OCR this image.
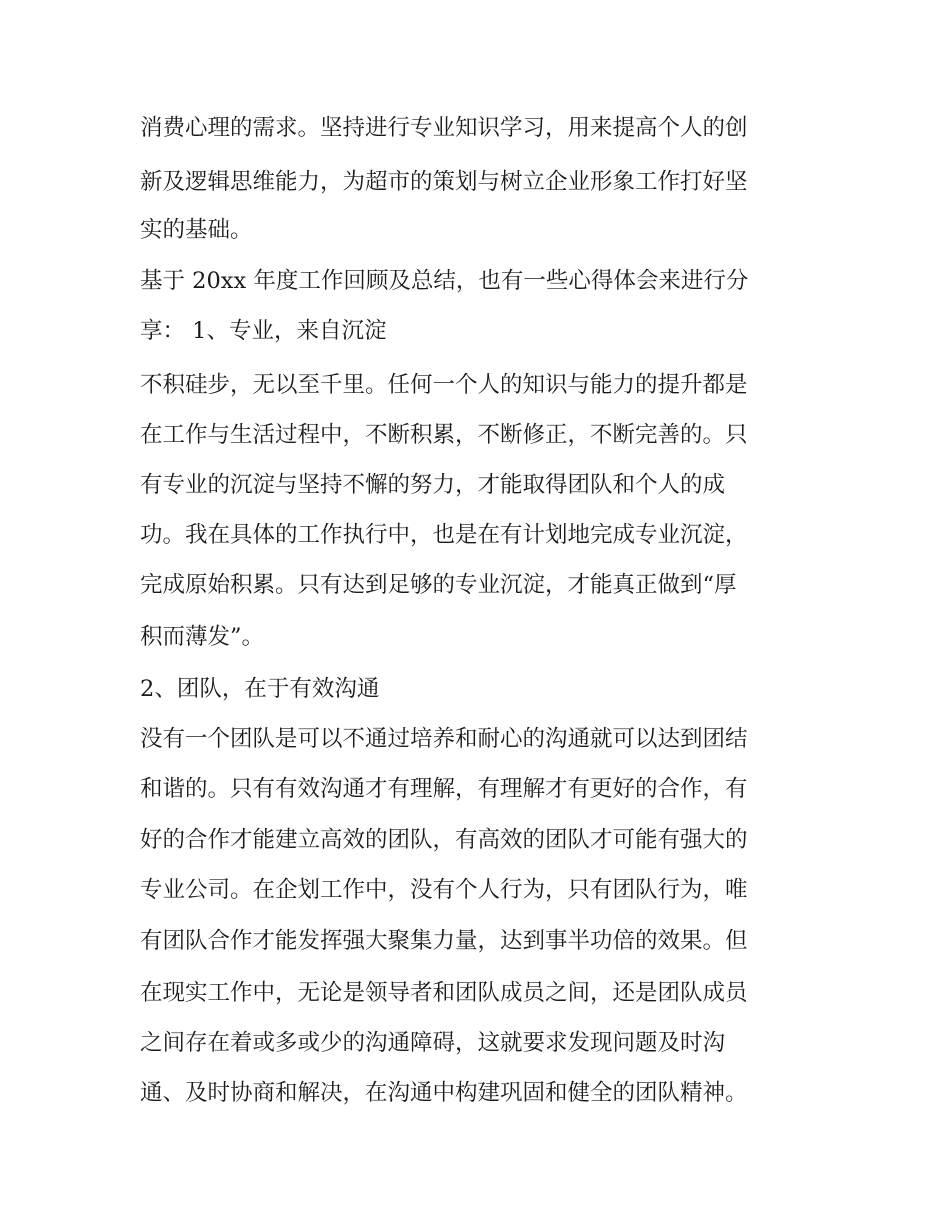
消费心理的需求。坚持进行专业知识学习，用来提高个人的创
新及逻辑思维能力，为超市的策划与树立企业形象工作打好坚
实的基础。
基于 20xx 年度工作回顾及总结，也有一些心得体会来进行分
享： 1、专业，来自沉淀
不积硅步，无以至千里。任何一个人的知识与能力的提升都是
在工作与生活过程中，不断积累，不断修正，不断完善的。只
有专业的沉淀与坚持不懈的努力，才能取得团队和个人的成
功。我在具体的工作执行中，也是在有计划地完成专业沉淀，
完成原始积累。只有达到足够的专业沉淀，才能真正做到“厚
积而薄发”。
2、团队，在于有效沟通
没有一个团队是可以不通过培养和耐心的沟通就可以达到团结
和谐的。只有有效沟通才有理解，有理解才有更好的合作，有
好的合作才能建立高效的团队，有高效的团队才可能有强大的
专业公司。在企划工作中，没有个人行为，只有团队行为，唯
有团队合作才能发挥强大聚集力量，达到事半功倍的效果。但
在现实工作中，无论是领导者和团队成员之间，还是团队成员
之间存在着或多或少的沟通障碍，这就要求发现问题及时沟
通、及时协商和解决，在沟通中构建巩固和健全的团队精神。
